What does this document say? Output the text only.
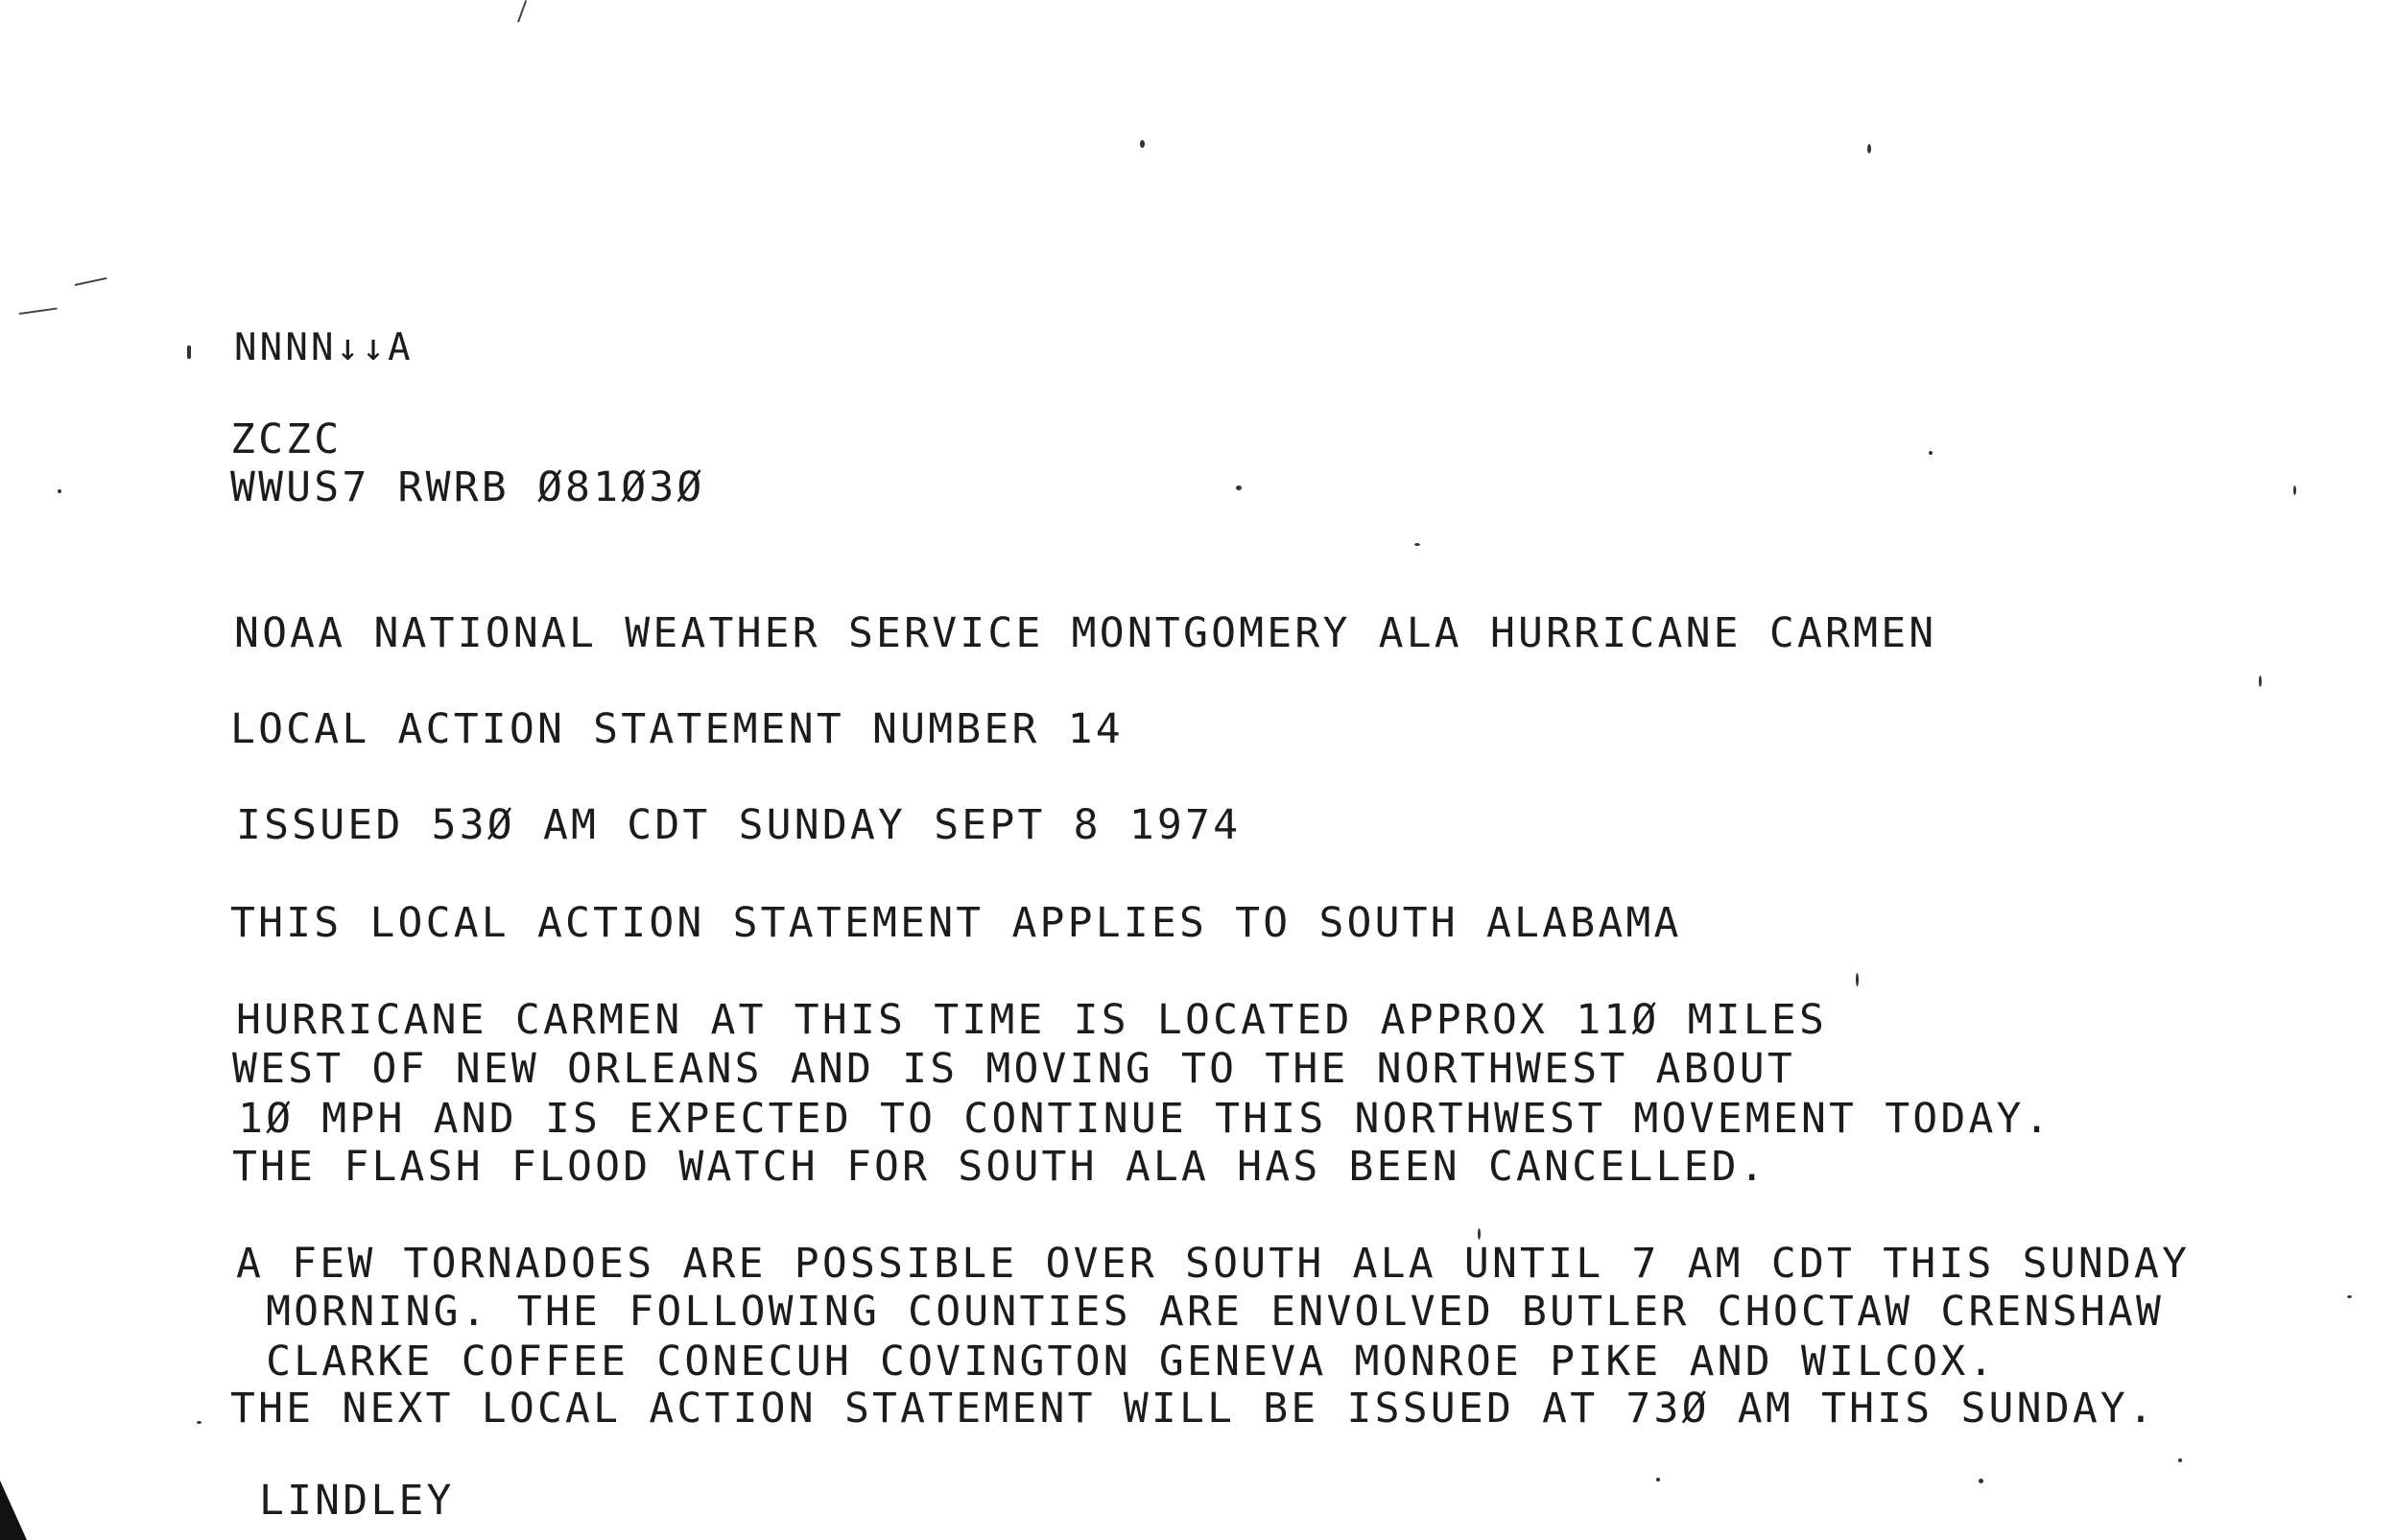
NNNN↓↓A
ZCZC
WWUS7 RWRB Ø81Ø3Ø
NOAA NATIONAL WEATHER SERVICE MONTGOMERY ALA HURRICANE CARMEN
LOCAL ACTION STATEMENT NUMBER 14
ISSUED 53Ø AM CDT SUNDAY SEPT 8 1974
THIS LOCAL ACTION STATEMENT APPLIES TO SOUTH ALABAMA
HURRICANE CARMEN AT THIS TIME IS LOCATED APPROX 11Ø MILES
WEST OF NEW ORLEANS AND IS MOVING TO THE NORTHWEST ABOUT
1Ø MPH AND IS EXPECTED TO CONTINUE THIS NORTHWEST MOVEMENT TODAY.
THE FLASH FLOOD WATCH FOR SOUTH ALA HAS BEEN CANCELLED.
A FEW TORNADOES ARE POSSIBLE OVER SOUTH ALA UNTIL 7 AM CDT THIS SUNDAY
MORNING. THE FOLLOWING COUNTIES ARE ENVOLVED BUTLER CHOCTAW CRENSHAW
CLARKE COFFEE CONECUH COVINGTON GENEVA MONROE PIKE AND WILCOX.
THE NEXT LOCAL ACTION STATEMENT WILL BE ISSUED AT 73Ø AM THIS SUNDAY.
LINDLEY
